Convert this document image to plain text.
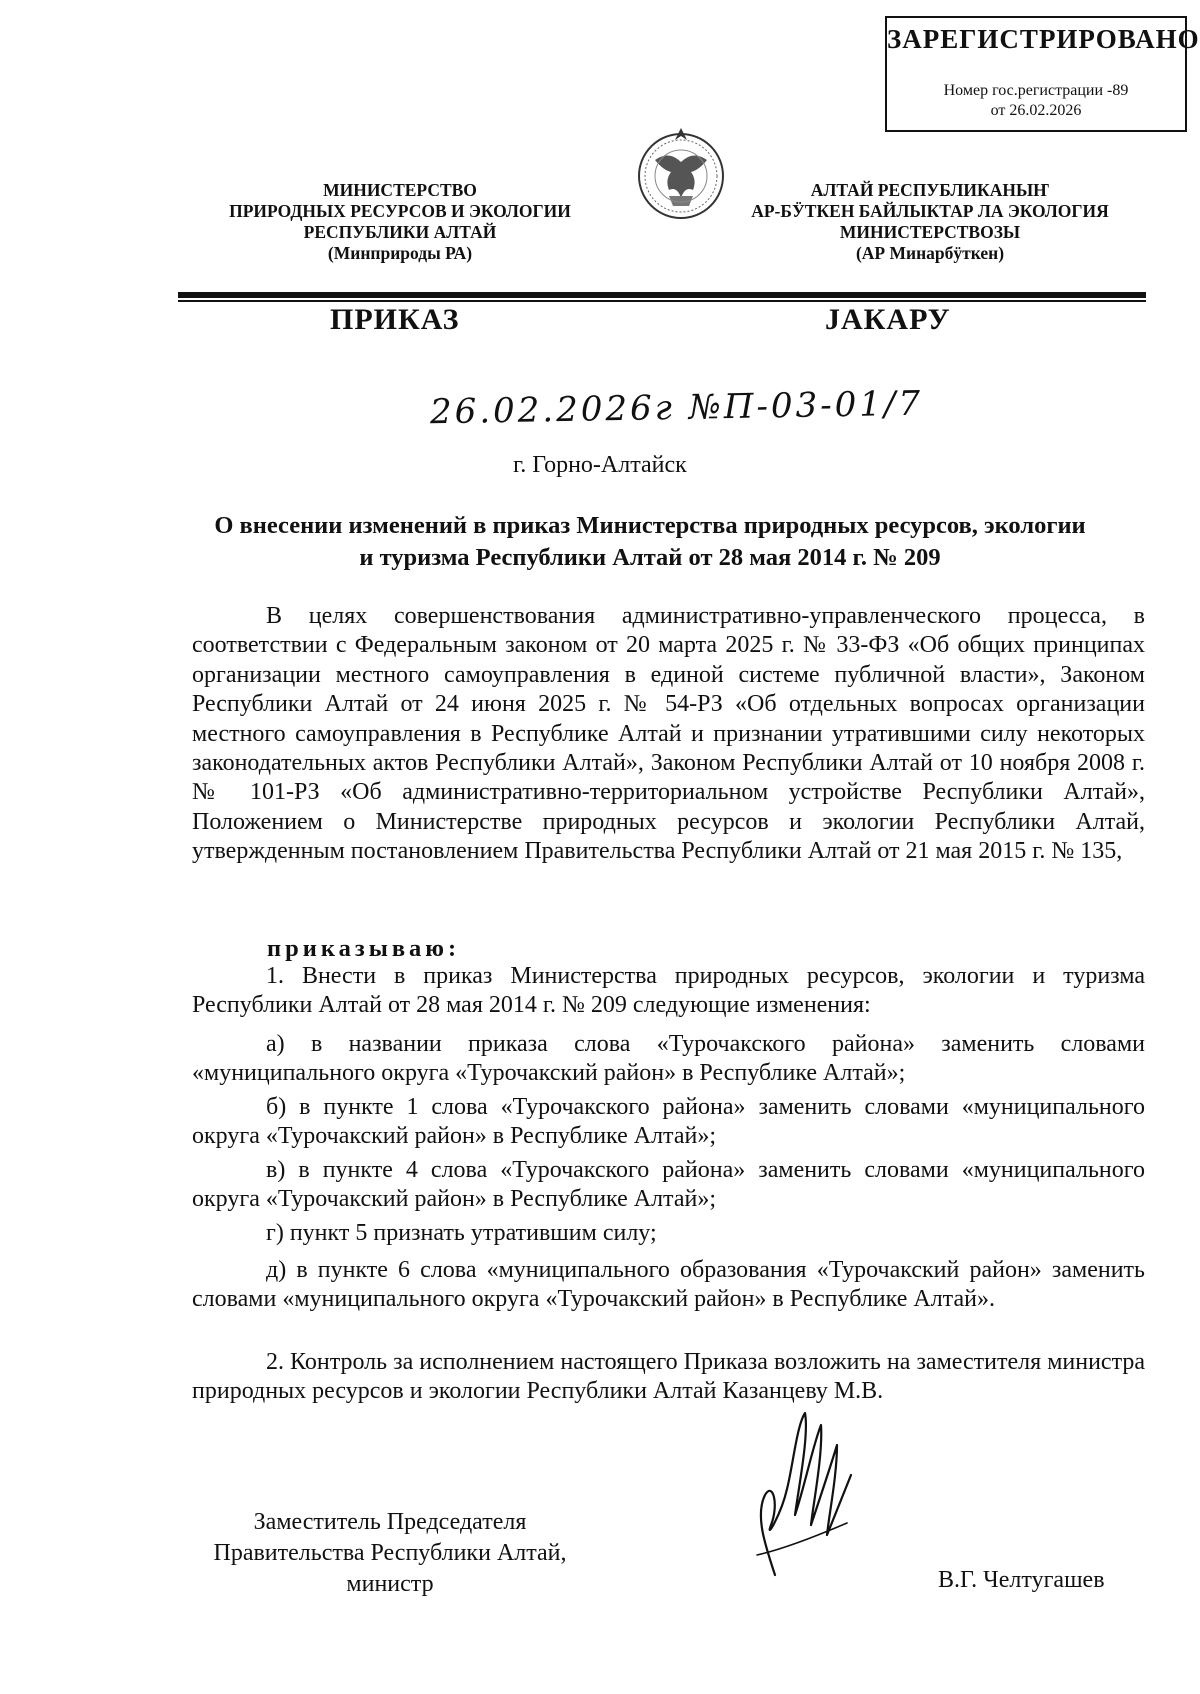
ЗАРЕГИСТРИРОВАНО
Номер гос.регистрации -89
от 26.02.2026
МИНИСТЕРСТВО
ПРИРОДНЫХ РЕСУРСОВ И ЭКОЛОГИИ
РЕСПУБЛИКИ АЛТАЙ
(Минприроды РА)
АЛТАЙ РЕСПУБЛИКАНЫҤ
АР-БӰТКЕН БАЙЛЫКТАР ЛА ЭКОЛОГИЯ
МИНИСТЕРСТВОЗЫ
(АР Минарбӱткен)
ПРИКАЗ	JАКАРУ
26.02.2026г №П-03-01/7
г. Горно-Алтайск
О внесении изменений в приказ Министерства природных ресурсов, экологии
и туризма Республики Алтай от 28 мая 2014 г. № 209
В целях совершенствования административно-управленческого процесса, в соответствии с Федеральным законом от 20 марта 2025 г. № 33-ФЗ «Об общих принципах организации местного самоуправления в единой системе публичной власти», Законом Республики Алтай от 24 июня 2025 г. № 54-РЗ «Об отдельных вопросах организации местного самоуправления в Республике Алтай и признании утратившими силу некоторых законодательных актов Республики Алтай», Законом Республики Алтай от 10 ноября 2008 г. № 101-РЗ «Об административно-территориальном устройстве Республики Алтай», Положением о Министерстве природных ресурсов и экологии Республики Алтай, утвержденным постановлением Правительства Республики Алтай от 21 мая 2015 г. № 135,
приказываю:
1. Внести в приказ Министерства природных ресурсов, экологии и туризма Республики Алтай от 28 мая 2014 г. № 209 следующие изменения:
а) в названии приказа слова «Турочакского района» заменить словами «муниципального округа «Турочакский район» в Республике Алтай»;
б) в пункте 1 слова «Турочакского района» заменить словами «муниципального округа «Турочакский район» в Республике Алтай»;
в) в пункте 4 слова «Турочакского района» заменить словами «муниципального округа «Турочакский район» в Республике Алтай»;
г) пункт 5 признать утратившим силу;
д) в пункте 6 слова «муниципального образования «Турочакский район» заменить словами «муниципального округа «Турочакский район» в Республике Алтай».
2. Контроль за исполнением настоящего Приказа возложить на заместителя министра природных ресурсов и экологии Республики Алтай Казанцеву М.В.
Заместитель Председателя
Правительства Республики Алтай,
министр	В.Г. Челтугашев
